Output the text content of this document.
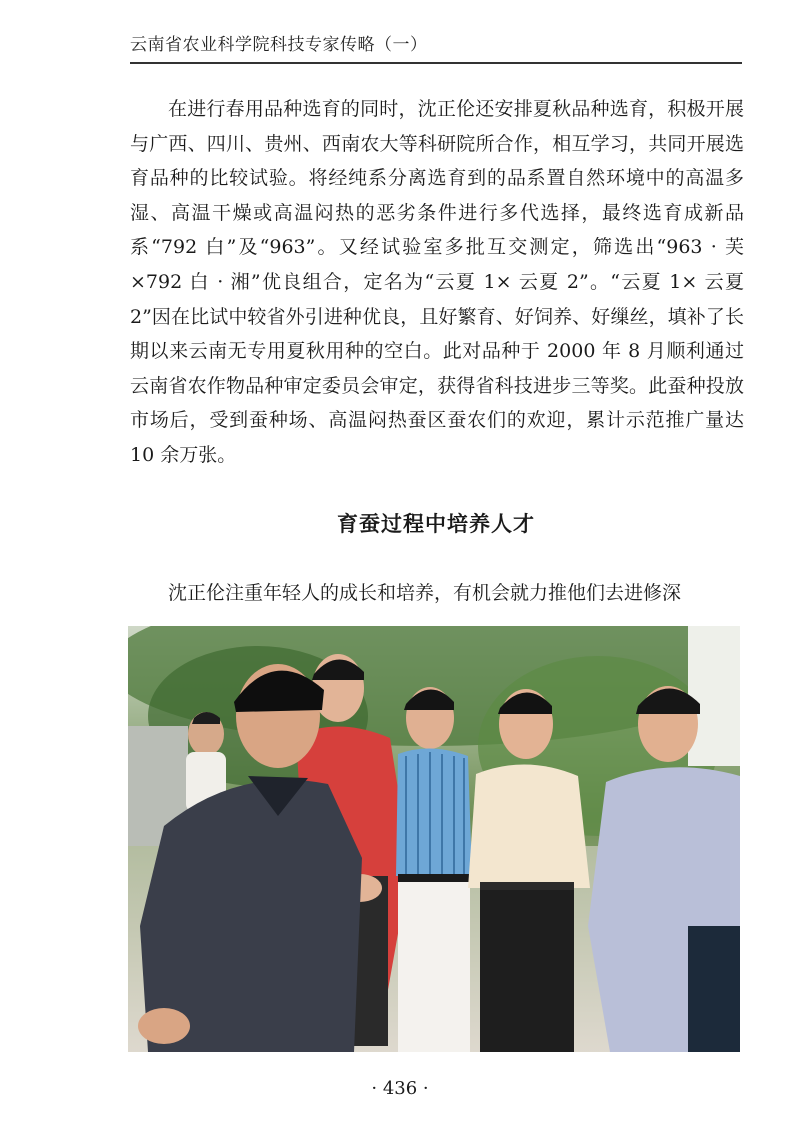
云南省农业科学院科技专家传略（一）

在进行春用品种选育的同时，沈正伦还安排夏秋品种选育，积极开展与广西、四川、贵州、西南农大等科研院所合作，相互学习，共同开展选育品种的比较试验。将经纯系分离选育到的品系置自然环境中的高温多湿、高温干燥或高温闷热的恶劣条件进行多代选择，最终选育成新品系“792 白”及“963”。又经试验室多批互交测定，筛选出“963 · 芙 ×792 白 · 湘”优良组合，定名为“云夏 1× 云夏 2”。“云夏 1× 云夏 2”因在比试中较省外引进种优良，且好繁育、好饲养、好缫丝，填补了长期以来云南无专用夏秋用种的空白。此对品种于 2000 年 8 月顺利通过云南省农作物品种审定委员会审定，获得省科技进步三等奖。此蚕种投放市场后，受到蚕种场、高温闷热蚕区蚕农们的欢迎，累计示范推广量达 10 余万张。

育蚕过程中培养人才

沈正伦注重年轻人的成长和培养，有机会就力推他们去进修深

· 436 ·
